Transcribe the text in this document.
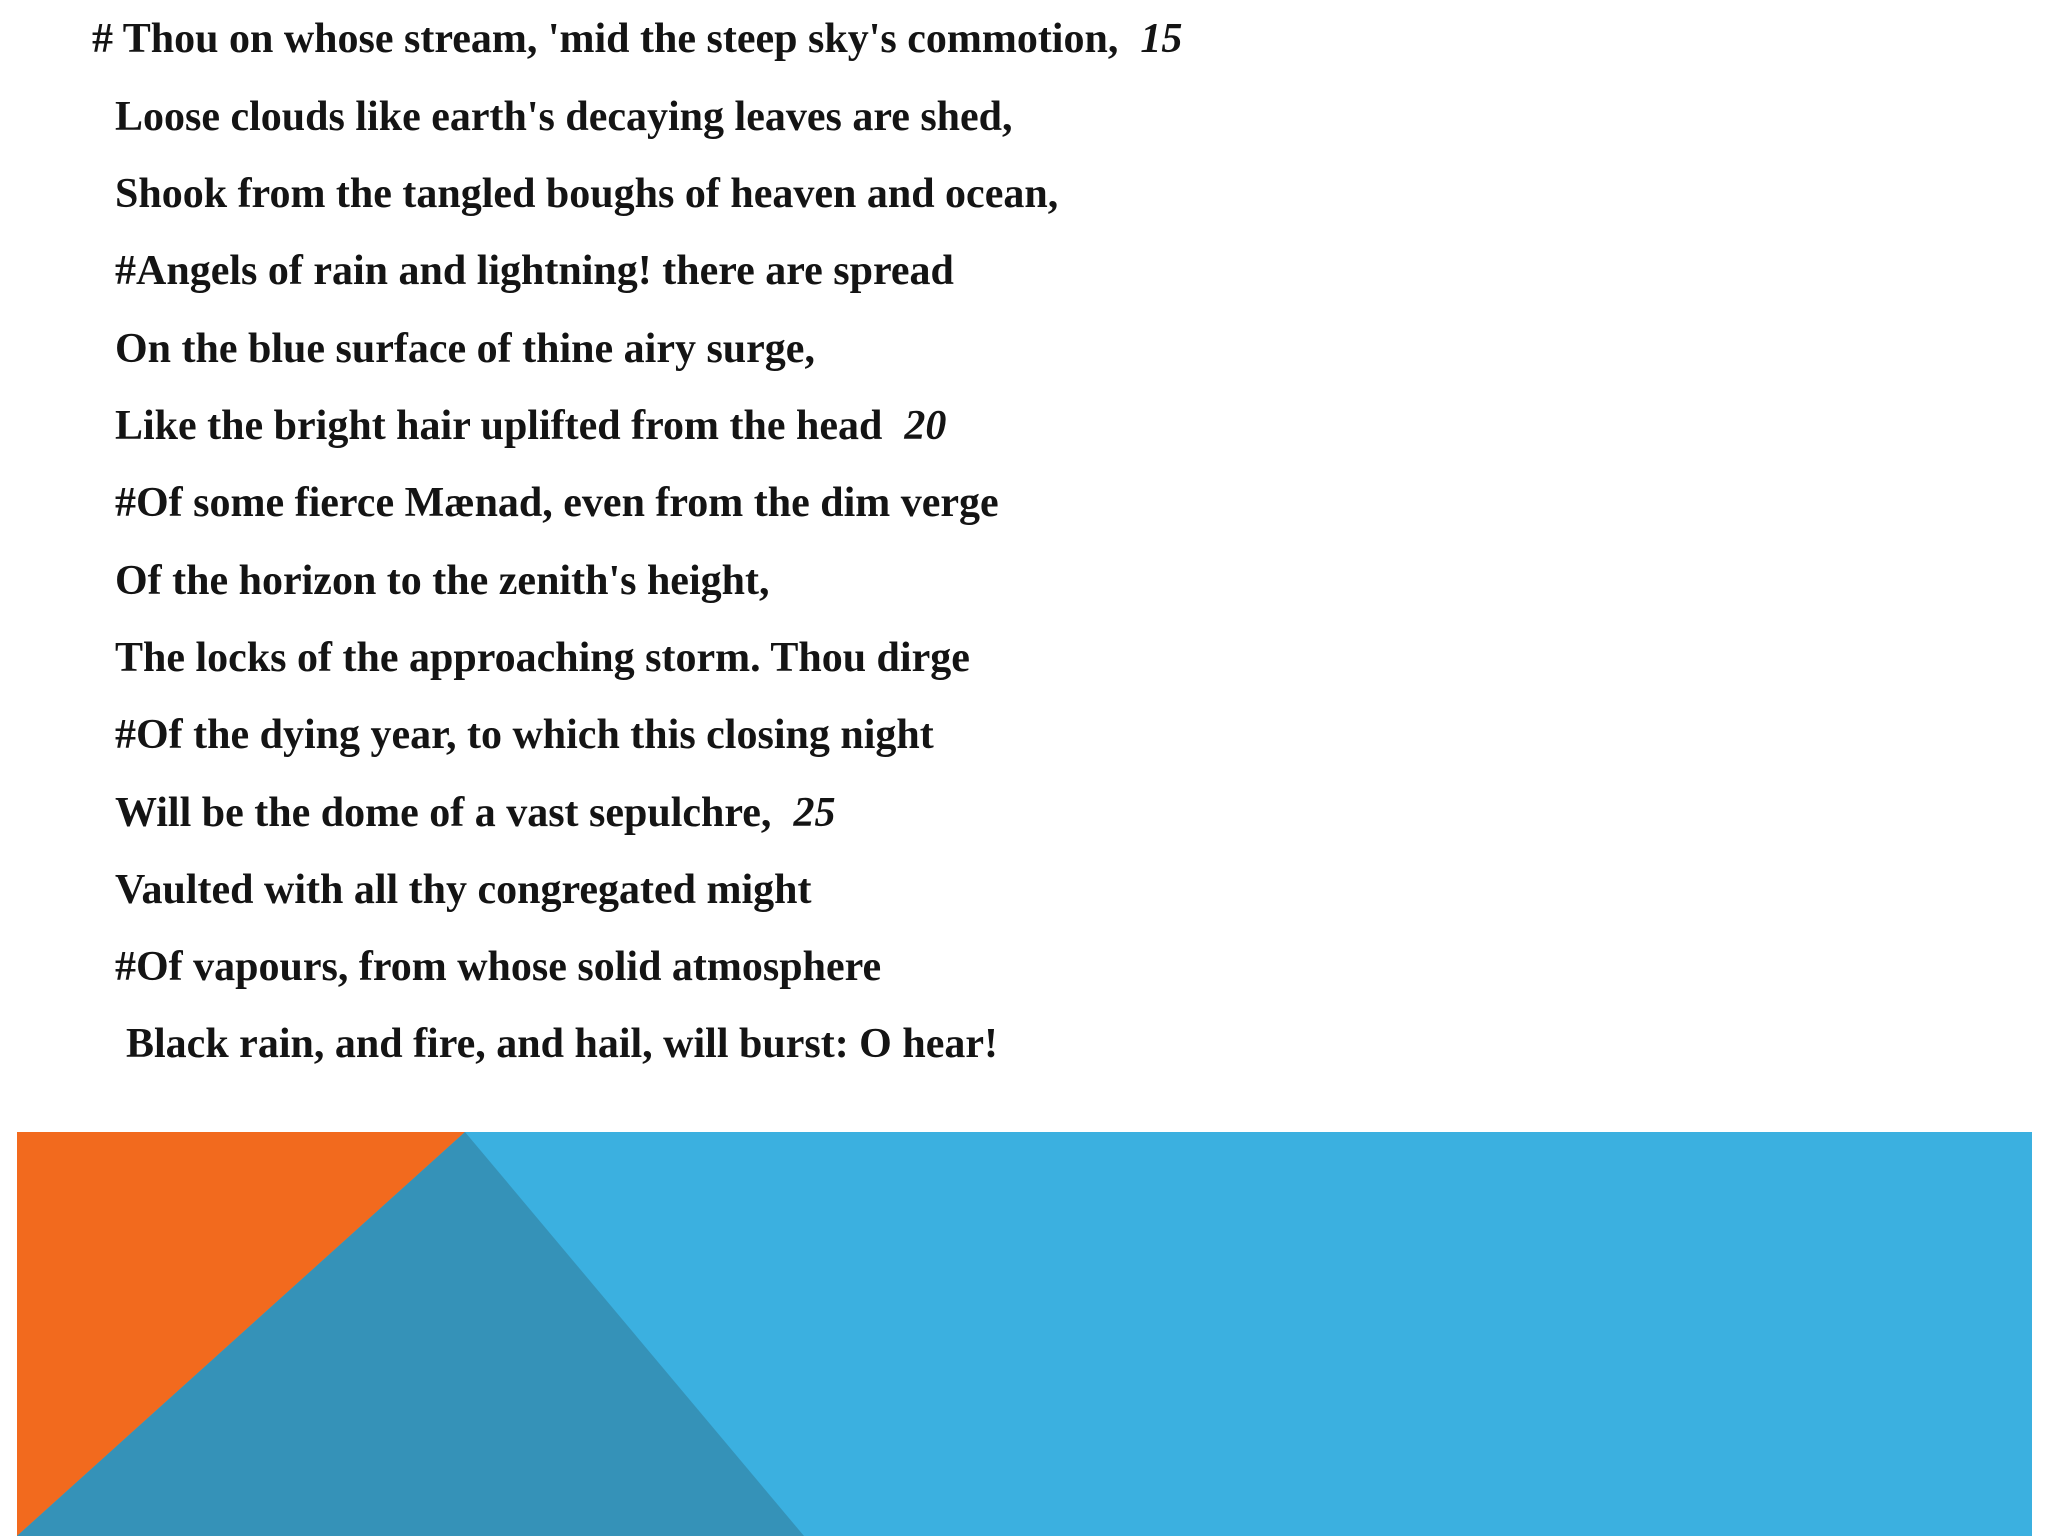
# Thou on whose stream, 'mid the steep sky's commotion, 15
Loose clouds like earth's decaying leaves are shed,
Shook from the tangled boughs of heaven and ocean,
#Angels of rain and lightning! there are spread
On the blue surface of thine airy surge,
Like the bright hair uplifted from the head 20
#Of some fierce Mænad, even from the dim verge
Of the horizon to the zenith's height,
The locks of the approaching storm. Thou dirge
#Of the dying year, to which this closing night
Will be the dome of a vast sepulchre, 25
Vaulted with all thy congregated might
#Of vapours, from whose solid atmosphere
Black rain, and fire, and hail, will burst: O hear!
